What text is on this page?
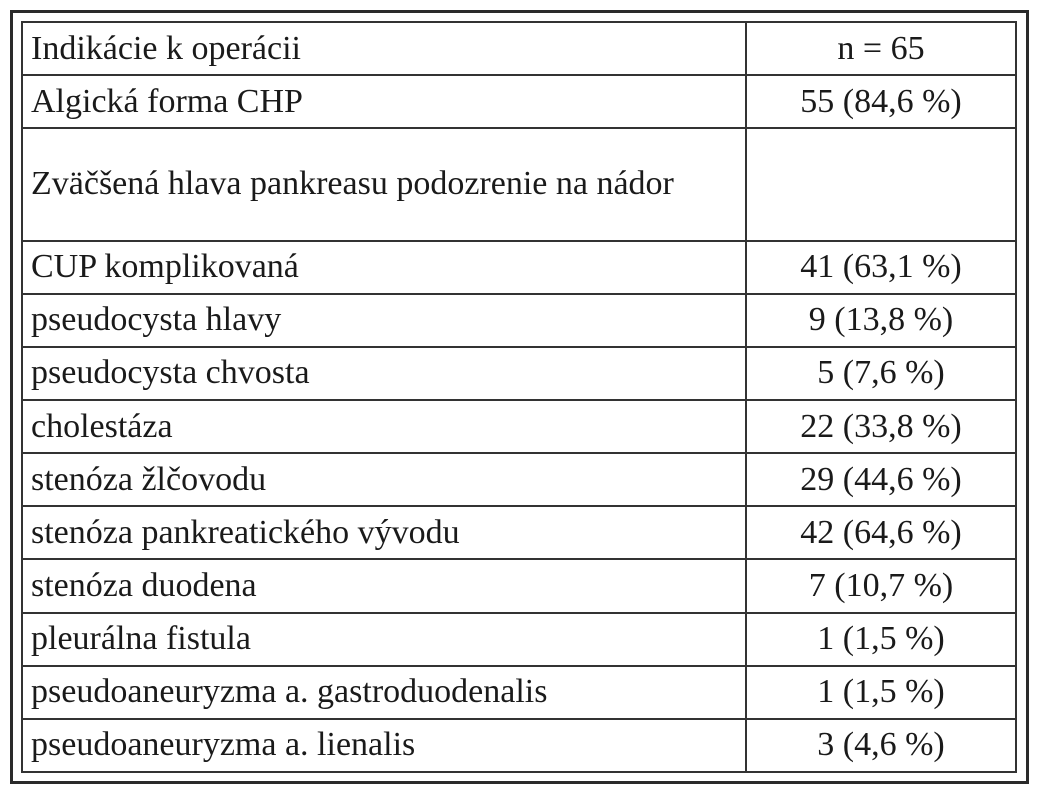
Indikácie k operácii	n = 65
Algická forma CHP	55 (84,6 %)
Zväčšená hlava pankreasu podozrenie na nádor	
CUP komplikovaná	41 (63,1 %)
pseudocysta hlavy	9 (13,8 %)
pseudocysta chvosta	5 (7,6 %)
cholestáza	22 (33,8 %)
stenóza žlčovodu	29 (44,6 %)
stenóza pankreatického vývodu	42 (64,6 %)
stenóza duodena	7 (10,7 %)
pleurálna fistula	1 (1,5 %)
pseudoaneuryzma a. gastroduodenalis	1 (1,5 %)
pseudoaneuryzma a. lienalis	3 (4,6 %)
